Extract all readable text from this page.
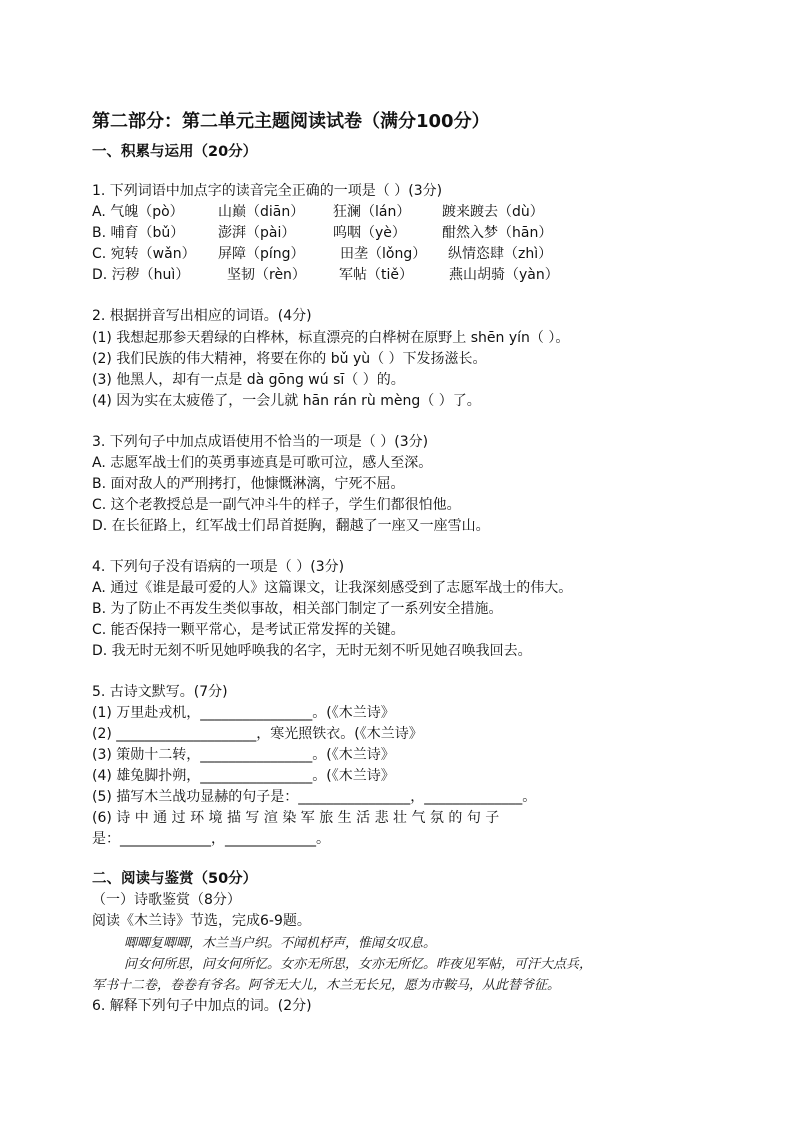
第二部分：第二单元主题阅读试卷（满分100分）
一、积累与运用（20分）
1. 下列词语中加点字的读音完全正确的一项是（ ）(3分)
A. 气魄（pò） 山巅（diān） 狂澜（lán） 踱来踱去（dù）
B. 哺育（bǔ） 澎湃（pài）	呜咽（yè）	酣然入梦（hān）
C. 宛转（wǎn） 屏障（píng）	田垄（lǒng） 纵情恣肆（zhì）
D. 污秽（huì）	坚韧（rèn） 军帖（tiě）	燕山胡骑（yàn）
2. 根据拼音写出相应的词语。(4分)
(1) 我想起那参天碧绿的白桦林，标直漂亮的白桦树在原野上 shēn yín（ ）。
(2) 我们民族的伟大精神，将要在你的 bǔ yù（ ）下发扬滋长。
(3) 他黑人，却有一点是 dà gōng wú sī（ ）的。
(4) 因为实在太疲倦了，一会儿就 hān rán rù mèng（ ）了。
3. 下列句子中加点成语使用不恰当的一项是（ ）(3分)
A. 志愿军战士们的英勇事迹真是可歌可泣，感人至深。
B. 面对敌人的严刑拷打，他慷慨淋漓，宁死不屈。
C. 这个老教授总是一副气冲斗牛的样子，学生们都很怕他。
D. 在长征路上，红军战士们昂首挺胸，翻越了一座又一座雪山。
4. 下列句子没有语病的一项是（ ）(3分)
A. 通过《谁是最可爱的人》这篇课文，让我深刻感受到了志愿军战士的伟大。
B. 为了防止不再发生类似事故，相关部门制定了一系列安全措施。
C. 能否保持一颗平常心，是考试正常发挥的关键。
D. 我无时无刻不听见她呼唤我的名字，无时无刻不听见她召唤我回去。
5. 古诗文默写。(7分)
(1) 万里赴戎机，________________。(《木兰诗》
(2) ____________________，寒光照铁衣。(《木兰诗》
(3) 策勋十二转，________________。(《木兰诗》
(4) 雄兔脚扑朔，________________。(《木兰诗》
(5) 描写木兰战功显赫的句子是：________________，______________。
(6) 诗 中 通 过 环 境 描 写 渲 染 军 旅 生 活 悲 壮 气 氛 的 句 子
是：_____________，_____________。
二、阅读与鉴赏（50分）
（一）诗歌鉴赏（8分）
阅读《木兰诗》节选，完成6-9题。
唧唧复唧唧，木兰当户织。不闻机杼声，惟闻女叹息。
问女何所思，问女何所忆。女亦无所思，女亦无所忆。昨夜见军帖，可汗大点兵，
军书十二卷，卷卷有爷名。阿爷无大儿，木兰无长兄，愿为市鞍马，从此替爷征。
6. 解释下列句子中加点的词。(2分)
